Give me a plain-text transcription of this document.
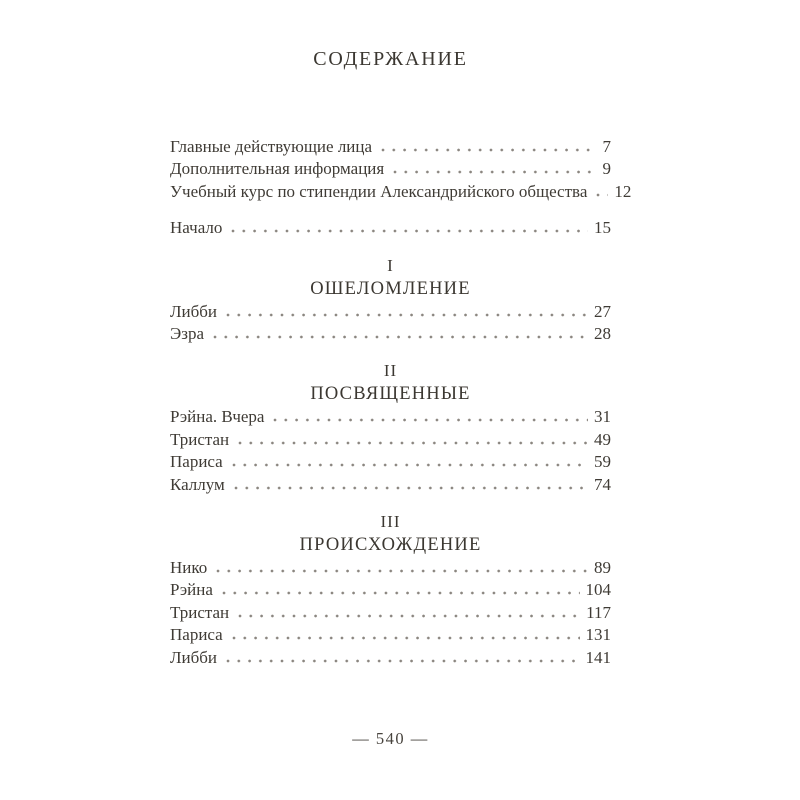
СОДЕРЖАНИЕ
Главные действующие лица	7
Дополнительная информация	9
Учебный курс по стипендии Александрийского общества 12
Начало	15
I
ОШЕЛОМЛЕНИЕ
Либби	27
Эзра	28
II
ПОСВЯЩЕННЫЕ
Рэйна. Вчера	31
Тристан	49
Париса	59
Каллум	74
III
ПРОИСХОЖДЕНИЕ
Нико	89
Рэйна	104
Тристан	117
Париса	131
Либби	141
— 540 —
